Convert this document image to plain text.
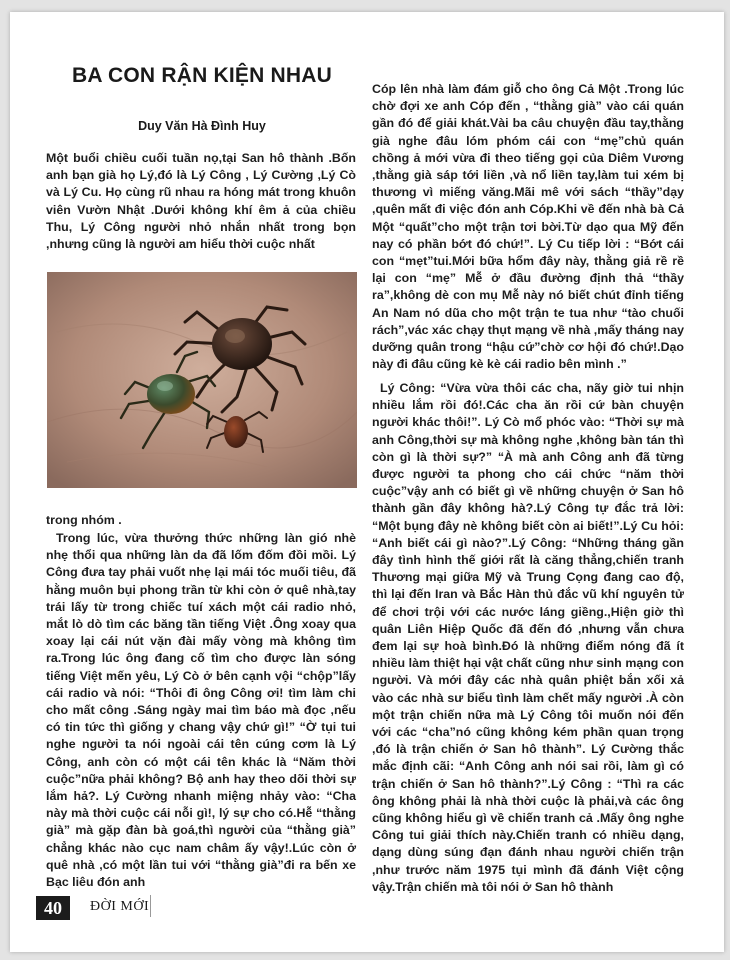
BA CON RẬN KIỆN NHAU
Duy Văn Hà Đình Huy

Một buổi chiều cuối tuần nọ,tại San hô thành .Bốn anh bạn già họ Lý,đó là Lý Công , Lý Cường ,Lý Cò và Lý Cu. Họ cùng rũ nhau ra hóng mát trong khuôn viên Vườn Nhật .Dưới không khí êm ả của chiều Thu, Lý Công người nhỏ nhắn nhất trong bọn ,nhưng cũng là người am hiểu thời cuộc nhất

trong nhóm .

Trong lúc, vừa thưởng thức những làn gió nhè nhẹ thổi qua những làn da đã lốm đốm đồi mồi. Lý Công đưa tay phải vuốt nhẹ lại mái tóc muối tiêu, đã hằng muôn bụi phong trần từ khi còn ở quê nhà,tay trái lấy từ trong chiếc tuí xách một cái radio nhỏ, mắt lò dò tìm các băng tần tiếng Việt .Ông xoay qua xoay lại cái nút vặn đài mấy vòng mà không tìm ra.Trong lúc ông đang cố tìm cho được làn sóng tiếng Việt mến yêu, Lý Cò ở bên cạnh vội “chộp”lấy cái radio và nói: “Thôi đi ông Công ơi! tìm làm chi cho mất công .Sáng ngày mai tìm báo mà đọc ,nếu có tin tức thì giống y chang vậy chứ gì!” “Ờ tụi tui nghe người ta nói ngoài cái tên cúng cơm là Lý Công, anh còn có một cái tên khác là “Năm thời cuộc”nữa phải không? Bộ anh hay theo dõi thời sự lắm hả?. Lý Cường nhanh miệng nhảy vào: “Cha này mà thời cuộc cái nỗi gì!, lý sự cho có.Hễ “thằng già” mà gặp đàn bà goá,thì người của “thằng già” chẳng khác nào cục nam châm ấy vậy!.Lúc còn ở quê nhà ,có một lần tui với “thằng già”đi ra bến xe Bạc liêu đón anh

Cóp lên nhà làm đám giỗ cho ông Cả Một .Trong lúc chờ đợi xe anh Cóp đến , “thằng già” vào cái quán gần đó để giải khát.Vài ba câu chuyện đầu tay,thằng già nghe đâu lóm phóm cái con “mẹ”chủ quán chồng ả mới vừa đi theo tiếng gọi của Diêm Vương ,thằng già sáp tới liền ,và nổ liền tay,làm tui xém bị thương vì miếng văng.Mãi mê với sách “thầy”dạy ,quên mất đi việc đón anh Cóp.Khi về đến nhà bà Cả Một “quất”cho một trận tơi bời.Từ dạo qua Mỹ đến nay có phần bớt đó chứ!”. Lý Cu tiếp lời : “Bớt cái con “mẹt”tui.Mới bữa hổm đây này, thằng giả rề rề lại con “mẹ” Mễ ở đầu đường định thả “thầy ra”,không dè con mụ Mễ này nó biết chút đỉnh tiếng An Nam nó dũa cho một trận te tua như “tào chuối rách”,vác xác chạy thụt mạng về nhà ,mấy tháng nay dưỡng quân trong “hậu cứ”chờ cơ hội đó chứ!.Dạo này đi đâu cũng kè kè cái radio bên mình .”

Lý Công: “Vừa vừa thôi các cha, nãy giờ tui nhịn nhiều lắm rồi đó!.Các cha ăn rồi cứ bàn chuyện người khác thôi!”. Lý Cò mổ phóc vào: “Thời sự mà anh Công,thời sự mà không nghe ,không bàn tán thì còn gì là thời sự?” “À mà anh Công anh đã từng được người ta phong cho cái chức “năm thời cuộc”vậy anh có biết gì về những chuyện ở San hô thành gần đây không hà?.Lý Công tự đắc trả lời: “Một bụng đây nè không biết còn ai biết!”.Lý Cu hỏi: “Anh biết cái gì nào?”.Lý Công: “Những tháng gần đây tình hình thế giới rất là căng thẳng,chiến tranh Thương mại giữa Mỹ và Trung Cọng đang cao độ, thì lại đến Iran và Bắc Hàn thủ đắc vũ khí nguyên tử để chơi trội với các nước láng giềng.,Hiện giờ thì quân Liên Hiệp Quốc đã đến đó ,nhưng vẫn chưa đem lại sự hoà bình.Đó là những điểm nóng đã ít nhiều làm thiệt hại vật chất cũng như sinh mạng con người. Và mới đây các nhà quân phiệt bắn xối xả vào các nhà sư biểu tình làm chết mấy người .À còn một trận chiến nữa mà Lý Công tôi muốn nói đến với các “cha”nó cũng không kém phần quan trọng ,đó là trận chiến ở San hô thành”. Lý Cường thắc mắc định cãi: “Anh Công anh nói sai rồi, làm gì có trận chiến ở San hô thành?”.Lý Công : “Thì ra các ông không phải là nhà thời cuộc là phải,và các ông cũng không hiểu gì về chiến tranh cả .Mấy ông nghe Công tui giải thích này.Chiến tranh có nhiều dạng, dạng dùng súng đạn đánh nhau người chiến trận ,như trước năm 1975 tụi mình đã đánh Việt cộng vậy.Trận chiến mà tôi nói ở San hô thành

40	ĐỜI MỚI
